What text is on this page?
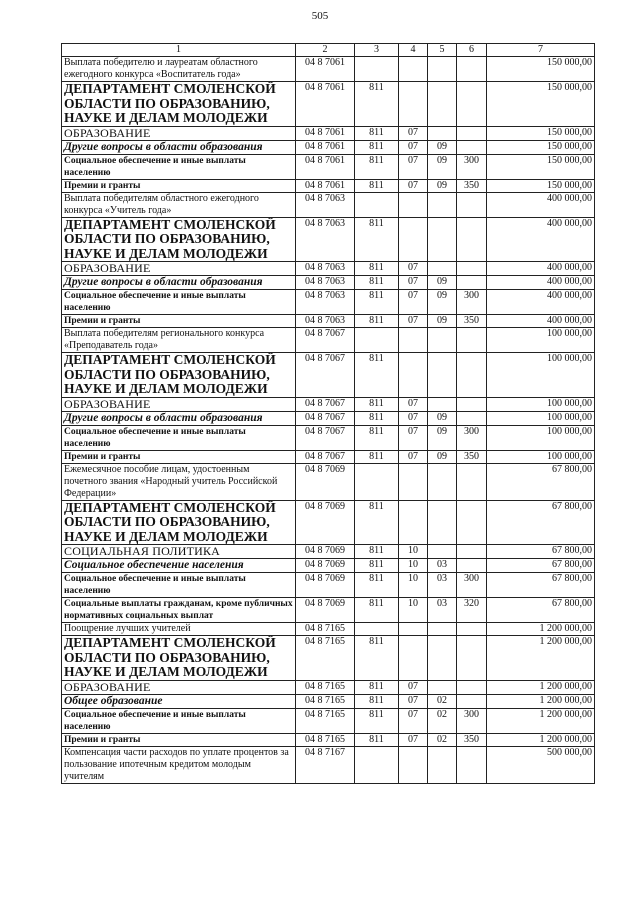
505
1	2	3	4	5	6	7
Выплата победителю и лауреатам областного ежегодного конкурса «Воспитатель года»	04 8 7061					150 000,00
ДЕПАРТАМЕНТ СМОЛЕНСКОЙ ОБЛАСТИ ПО ОБРАЗОВАНИЮ, НАУКЕ И ДЕЛАМ МОЛОДЕЖИ	04 8 7061	811				150 000,00
ОБРАЗОВАНИЕ	04 8 7061	811	07			150 000,00
Другие вопросы в области образования	04 8 7061	811	07	09		150 000,00
Социальное обеспечение и иные выплаты населению	04 8 7061	811	07	09	300	150 000,00
Премии и гранты	04 8 7061	811	07	09	350	150 000,00
Выплата победителям областного ежегодного конкурса «Учитель года»	04 8 7063					400 000,00
ДЕПАРТАМЕНТ СМОЛЕНСКОЙ ОБЛАСТИ ПО ОБРАЗОВАНИЮ, НАУКЕ И ДЕЛАМ МОЛОДЕЖИ	04 8 7063	811				400 000,00
ОБРАЗОВАНИЕ	04 8 7063	811	07			400 000,00
Другие вопросы в области образования	04 8 7063	811	07	09		400 000,00
Социальное обеспечение и иные выплаты населению	04 8 7063	811	07	09	300	400 000,00
Премии и гранты	04 8 7063	811	07	09	350	400 000,00
Выплата победителям регионального конкурса «Преподаватель года»	04 8 7067					100 000,00
ДЕПАРТАМЕНТ СМОЛЕНСКОЙ ОБЛАСТИ ПО ОБРАЗОВАНИЮ, НАУКЕ И ДЕЛАМ МОЛОДЕЖИ	04 8 7067	811				100 000,00
ОБРАЗОВАНИЕ	04 8 7067	811	07			100 000,00
Другие вопросы в области образования	04 8 7067	811	07	09		100 000,00
Социальное обеспечение и иные выплаты населению	04 8 7067	811	07	09	300	100 000,00
Премии и гранты	04 8 7067	811	07	09	350	100 000,00
Ежемесячное пособие лицам, удостоенным почетного звания «Народный учитель Российской Федерации»	04 8 7069					67 800,00
ДЕПАРТАМЕНТ СМОЛЕНСКОЙ ОБЛАСТИ ПО ОБРАЗОВАНИЮ, НАУКЕ И ДЕЛАМ МОЛОДЕЖИ	04 8 7069	811				67 800,00
СОЦИАЛЬНАЯ ПОЛИТИКА	04 8 7069	811	10			67 800,00
Социальное обеспечение населения	04 8 7069	811	10	03		67 800,00
Социальное обеспечение и иные выплаты населению	04 8 7069	811	10	03	300	67 800,00
Социальные выплаты гражданам, кроме публичных нормативных социальных выплат	04 8 7069	811	10	03	320	67 800,00
Поощрение лучших учителей	04 8 7165					1 200 000,00
ДЕПАРТАМЕНТ СМОЛЕНСКОЙ ОБЛАСТИ ПО ОБРАЗОВАНИЮ, НАУКЕ И ДЕЛАМ МОЛОДЕЖИ	04 8 7165	811				1 200 000,00
ОБРАЗОВАНИЕ	04 8 7165	811	07			1 200 000,00
Общее образование	04 8 7165	811	07	02		1 200 000,00
Социальное обеспечение и иные выплаты населению	04 8 7165	811	07	02	300	1 200 000,00
Премии и гранты	04 8 7165	811	07	02	350	1 200 000,00
Компенсация части расходов по уплате процентов за пользование ипотечным кредитом молодым учителям	04 8 7167					500 000,00
